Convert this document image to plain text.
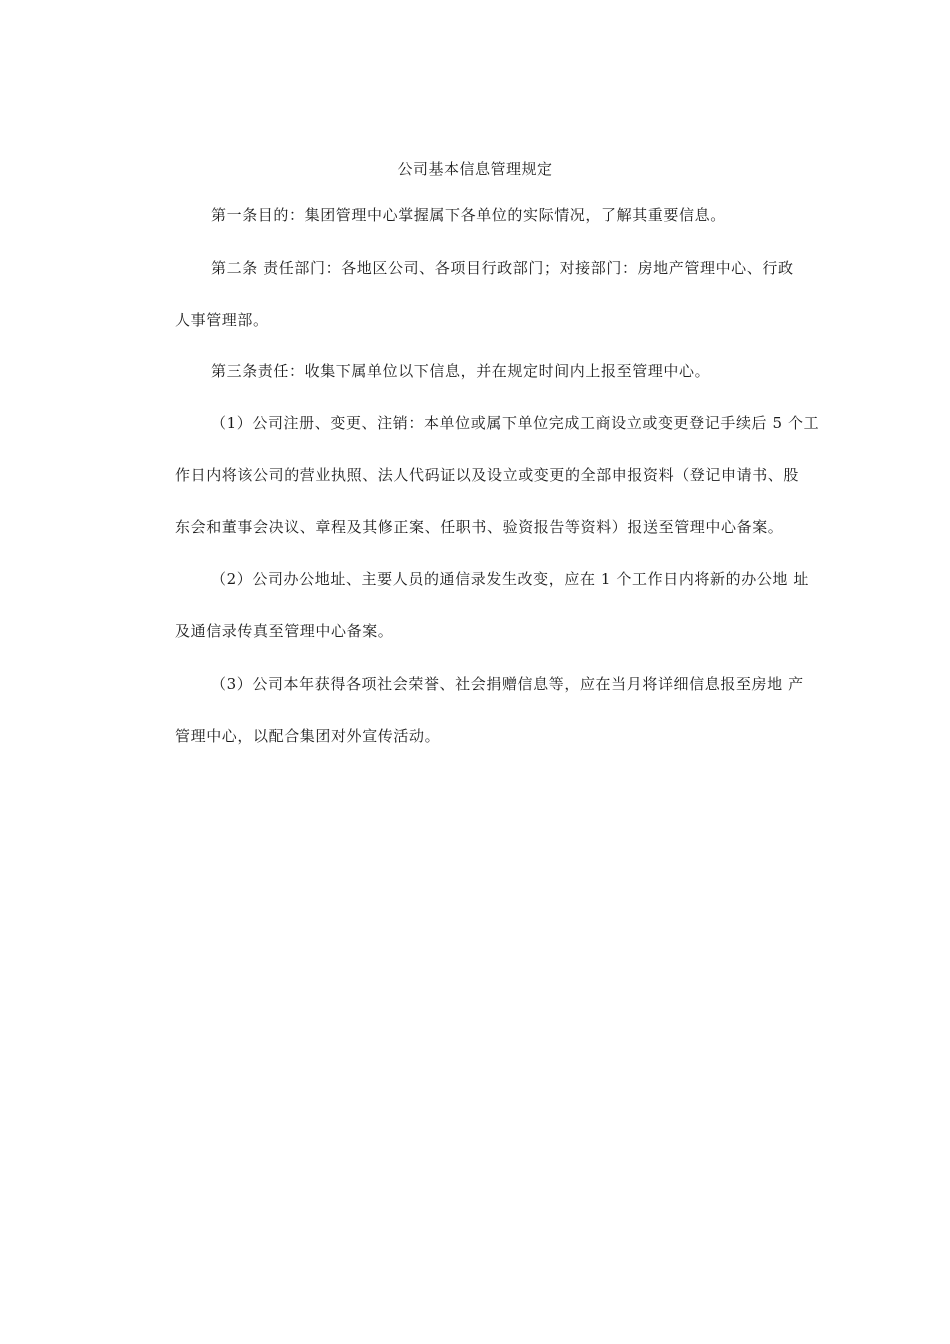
公司基本信息管理规定
第一条目的：集团管理中心掌握属下各单位的实际情况，了解其重要信息。
第二条 责任部门：各地区公司、各项目行政部门；对接部门：房地产管理中心、行政
人事管理部。
第三条责任：收集下属单位以下信息，并在规定时间内上报至管理中心。
（1）公司注册、变更、注销：本单位或属下单位完成工商设立或变更登记手续后 5 个工
作日内将该公司的营业执照、法人代码证以及设立或变更的全部申报资料（登记申请书、股
东会和董事会决议、章程及其修正案、任职书、验资报告等资料）报送至管理中心备案。
（2）公司办公地址、主要人员的通信录发生改变，应在 1 个工作日内将新的办公地 址
及通信录传真至管理中心备案。
（3）公司本年获得各项社会荣誉、社会捐赠信息等，应在当月将详细信息报至房地 产
管理中心，以配合集团对外宣传活动。
